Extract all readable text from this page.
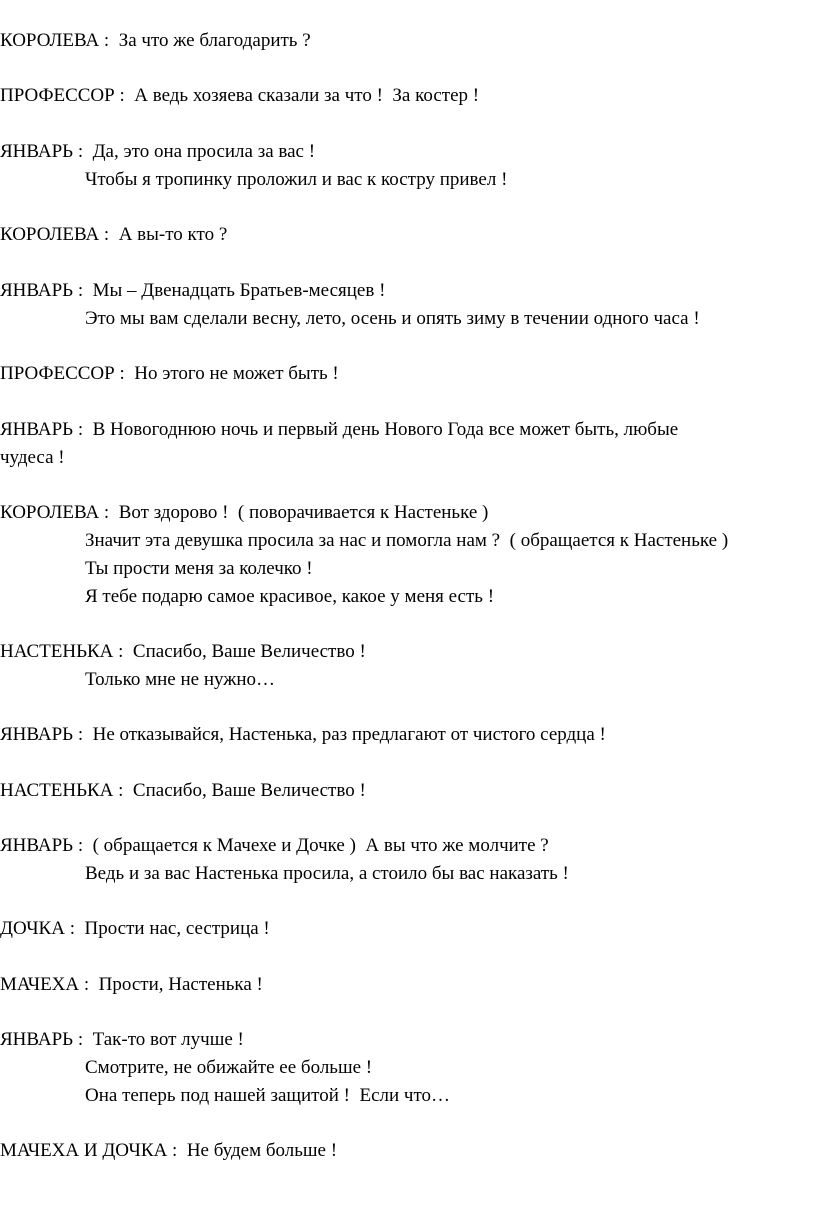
КОРОЛЕВА :  За что же благодарить ?
ПРОФЕССОР :  А ведь хозяева сказали за что !  За костер !
ЯНВАРЬ :  Да, это она просила за вас !
Чтобы я тропинку проложил и вас к костру привел !
КОРОЛЕВА :  А вы-то кто ?
ЯНВАРЬ :  Мы – Двенадцать Братьев-месяцев !
Это мы вам сделали весну, лето, осень и опять зиму в течении одного часа !
ПРОФЕССОР :  Но этого не может быть !
ЯНВАРЬ :  В Новогоднюю ночь и первый день Нового Года все может быть, любые
чудеса !
КОРОЛЕВА :  Вот здорово !  ( поворачивается к Настеньке )
Значит эта девушка просила за нас и помогла нам ?  ( обращается к Настеньке )
Ты прости меня за колечко !
Я тебе подарю самое красивое, какое у меня есть !
НАСТЕНЬКА :  Спасибо, Ваше Величество !
Только мне не нужно…
ЯНВАРЬ :  Не отказывайся, Настенька, раз предлагают от чистого сердца !
НАСТЕНЬКА :  Спасибо, Ваше Величество !
ЯНВАРЬ :  ( обращается к Мачехе и Дочке )  А вы что же молчите ?
Ведь и за вас Настенька просила, а стоило бы вас наказать !
ДОЧКА :  Прости нас, сестрица !
МАЧЕХА :  Прости, Настенька !
ЯНВАРЬ :  Так-то вот лучше !
Смотрите, не обижайте ее больше !
Она теперь под нашей защитой !  Если что…
МАЧЕХА И ДОЧКА :  Не будем больше !
